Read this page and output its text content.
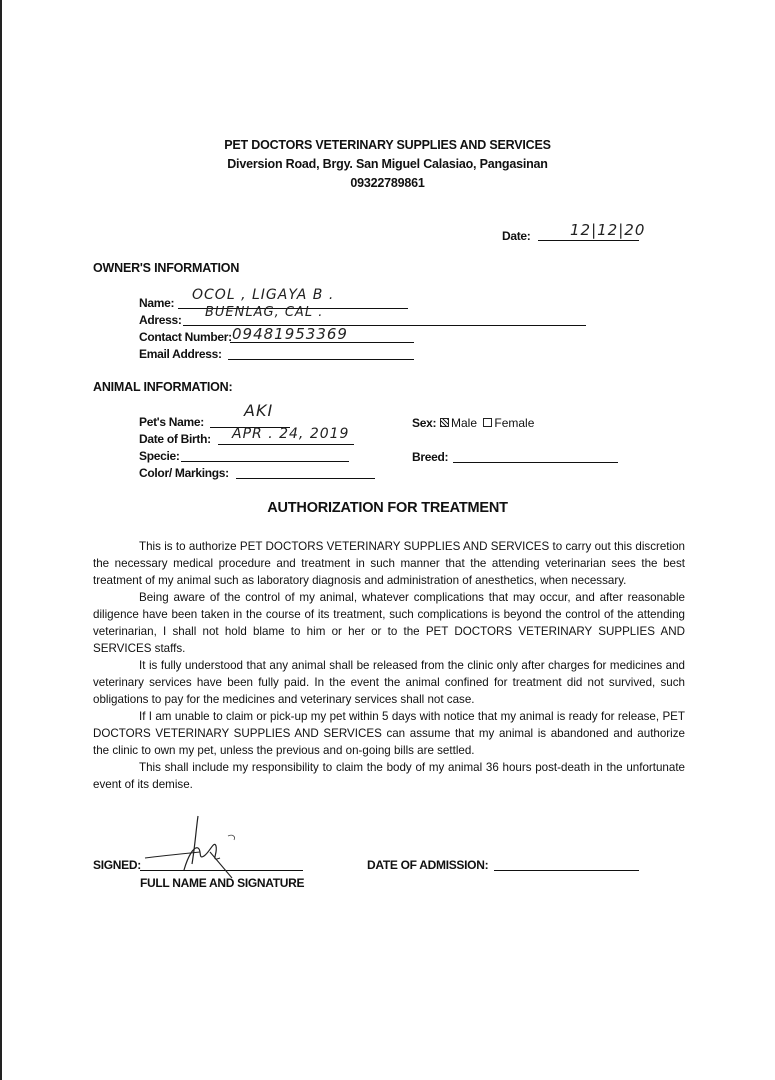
PET DOCTORS VETERINARY SUPPLIES AND SERVICES
Diversion Road, Brgy. San Miguel Calasiao, Pangasinan
09322789861
Date:	12|12|20
OWNER'S INFORMATION
Name: OCOL , LIGAYA B .
Adress: BUENLAG, CAL .
Contact Number: 09481953369
Email Address:
ANIMAL INFORMATION:
Pet's Name:
AKI
Date of Birth: APR . 24, 2019
Specie:
Color/ Markings:
Sex:	Male Female
Breed:
AUTHORIZATION FOR TREATMENT

This is to authorize PET DOCTORS VETERINARY SUPPLIES AND SERVICES to carry out this discretion the necessary medical procedure and treatment in such manner that the attending veterinarian sees the best treatment of my animal such as laboratory diagnosis and administration of anesthetics, when necessary.

Being aware of the control of my animal, whatever complications that may occur, and after reasonable diligence have been taken in the course of its treatment, such complications is beyond the control of the attending veterinarian, I shall not hold blame to him or her or to the PET DOCTORS VETERINARY SUPPLIES AND SERVICES staffs.

It is fully understood that any animal shall be released from the clinic only after charges for medicines and veterinary services have been fully paid. In the event the animal confined for treatment did not survived, such obligations to pay for the medicines and veterinary services shall not case.

If I am unable to claim or pick-up my pet within 5 days with notice that my animal is ready for release, PET DOCTORS VETERINARY SUPPLIES AND SERVICES can assume that my animal is abandoned and authorize the clinic to own my pet, unless the previous and on-going bills are settled.

This shall include my responsibility to claim the body of my animal 36 hours post-death in the unfortunate event of its demise.

SIGNED:
FULL NAME AND SIGNATURE
DATE OF ADMISSION:
